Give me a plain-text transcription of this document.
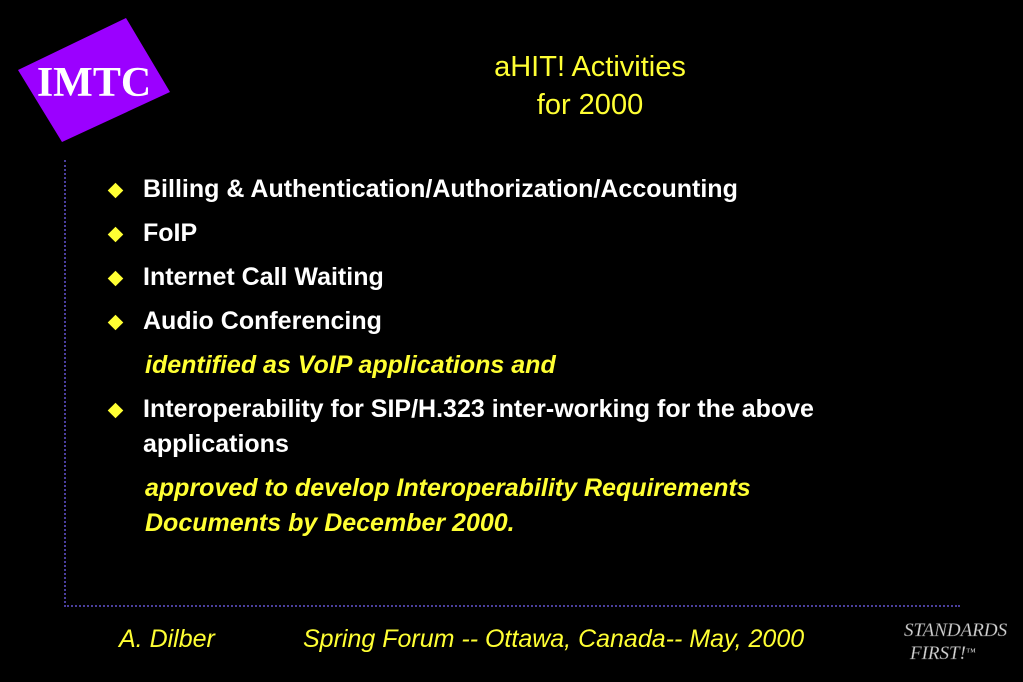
IMTC	aHIT! Activities
for 2000
Billing & Authentication/Authorization/Accounting
FoIP
Internet Call Waiting
Audio Conferencing
identified as VoIP applications and
Interoperability for SIP/H.323 inter-working for the above
applications
approved to develop Interoperability Requirements
Documents by December 2000.
A. Dilber	Spring Forum -- Ottawa, Canada-- May, 2000	STANDARDS
FIRST! ™
